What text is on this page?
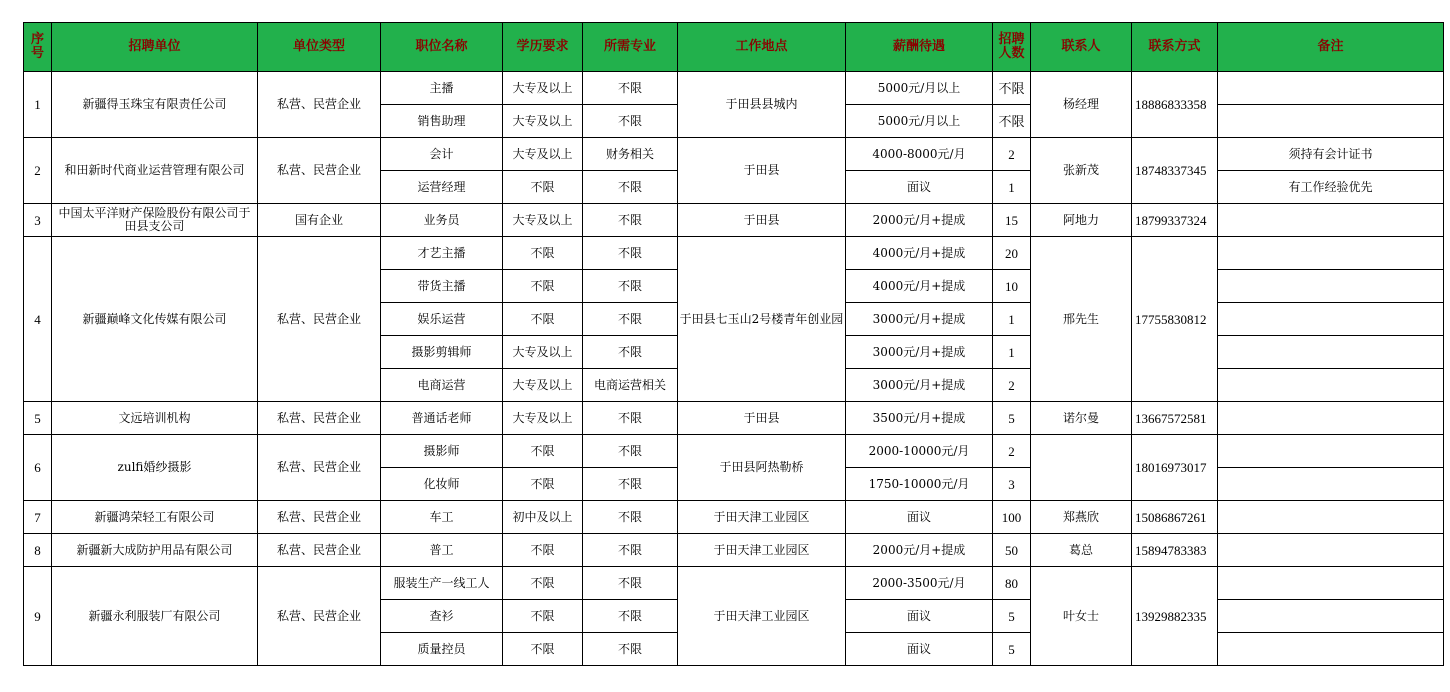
序号	招聘单位	单位类型	职位名称	学历要求	所需专业	工作地点	薪酬待遇	招聘人数	联系人	联系方式	备注
1	新疆得玉珠宝有限责任公司	私营、民营企业	主播	大专及以上	不限	于田县县城内	5000元/月以上	不限	杨经理	18886833358	
			销售助理	大专及以上	不限		5000元/月以上	不限			
2	和田新时代商业运营管理有限公司	私营、民营企业	会计	大专及以上	财务相关	于田县	4000-8000元/月	2	张新茂	18748337345	须持有会计证书
			运营经理	不限	不限		面议	1			有工作经验优先
3	中国太平洋财产保险股份有限公司于田县支公司	国有企业	业务员	大专及以上	不限	于田县	2000元/月+提成	15	阿地力	18799337324	
4	新疆巅峰文化传媒有限公司	私营、民营企业	才艺主播	不限	不限	于田县七玉山2号楼青年创业园	4000元/月+提成	20	邢先生	17755830812	
			带货主播	不限	不限		4000元/月+提成	10			
			娱乐运营	不限	不限		3000元/月+提成	1			
			摄影剪辑师	大专及以上	不限		3000元/月+提成	1			
			电商运营	大专及以上	电商运营相关		3000元/月+提成	2			
5	文远培训机构	私营、民营企业	普通话老师	大专及以上	不限	于田县	3500元/月+提成	5	诺尔曼	13667572581	
6	zulfi婚纱摄影	私营、民营企业	摄影师	不限	不限	于田县阿热勒桥	2000-10000元/月	2		18016973017	
			化妆师	不限	不限		1750-10000元/月	3			
7	新疆鸿荣轻工有限公司	私营、民营企业	车工	初中及以上	不限	于田天津工业园区	面议	100	郑燕欣	15086867261	
8	新疆新大成防护用品有限公司	私营、民营企业	普工	不限	不限	于田天津工业园区	2000元/月+提成	50	葛总	15894783383	
9	新疆永利服装厂有限公司	私营、民营企业	服装生产一线工人	不限	不限	于田天津工业园区	2000-3500元/月	80	叶女士	13929882335	
			查衫	不限	不限		面议	5			
			质量控员	不限	不限		面议	5			
